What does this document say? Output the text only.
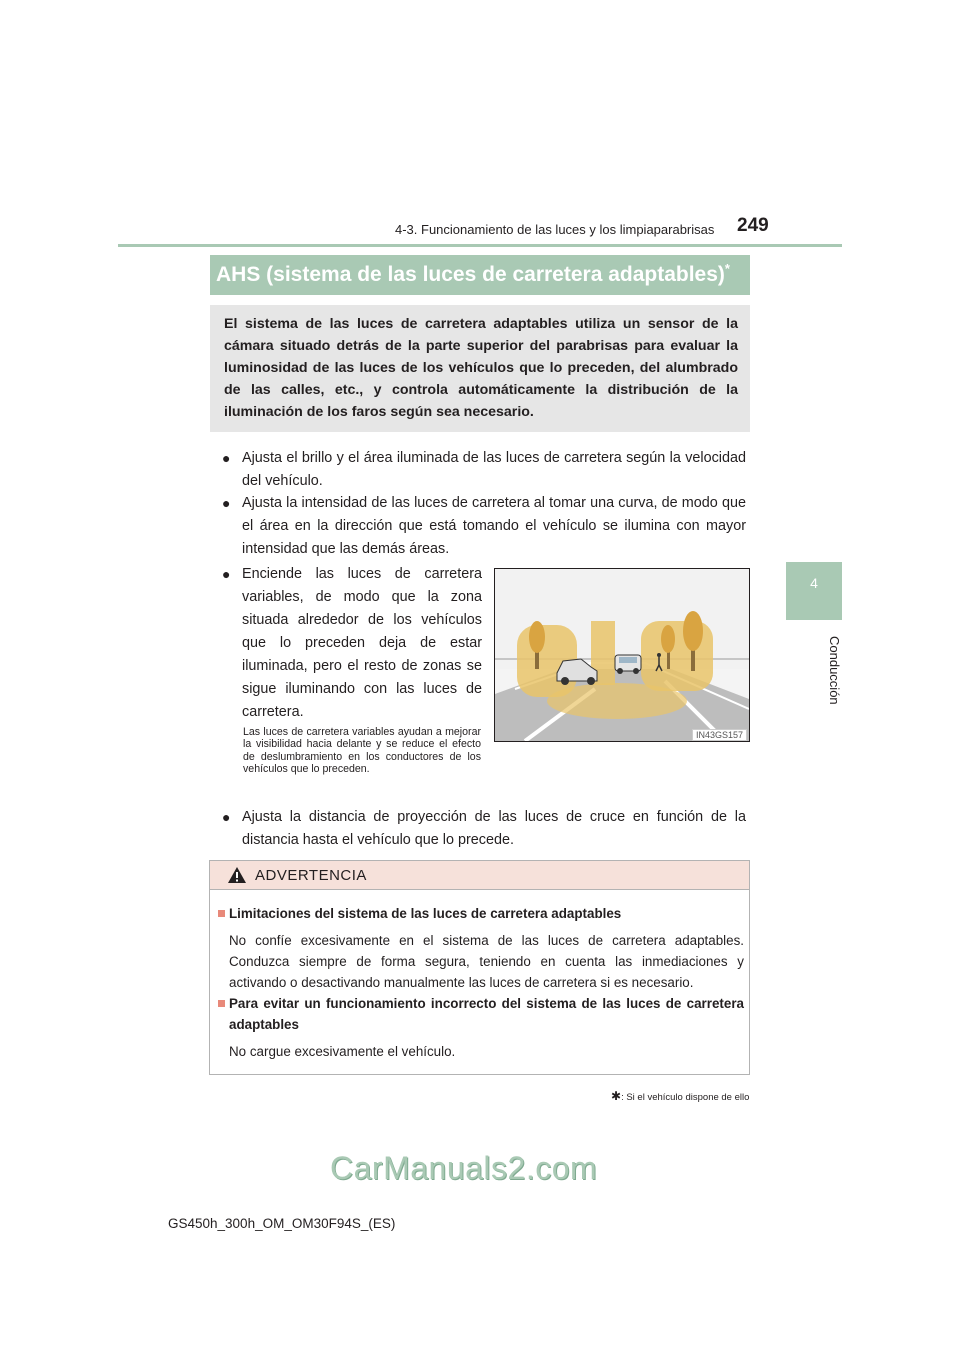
4-3. Funcionamiento de las luces y los limpiaparabrisas 249
4
Conducción
AHS (sistema de las luces de carretera adaptables)*
El sistema de las luces de carretera adaptables utiliza un sensor de la cámara situado detrás de la parte superior del parabrisas para evaluar la luminosidad de las luces de los vehículos que lo preceden, del alumbrado de las calles, etc., y controla automáticamente la distribución de la iluminación de los faros según sea necesario.
● Ajusta el brillo y el área iluminada de las luces de carretera según la velocidad del vehículo.
● Ajusta la intensidad de las luces de carretera al tomar una curva, de modo que el área en la dirección que está tomando el vehículo se ilumina con mayor intensidad que las demás áreas.
● Enciende las luces de carretera variables, de modo que la zona situada alrededor de los vehículos que lo preceden deja de estar iluminada, pero el resto de zonas se sigue iluminando con las luces de carretera.
Las luces de carretera variables ayudan a mejorar la visibilidad hacia delante y se reduce el efecto de deslumbramiento en los conductores de los vehículos que lo preceden.
IN43GS157
● Ajusta la distancia de proyección de las luces de cruce en función de la distancia hasta el vehículo que lo precede.
ADVERTENCIA
Limitaciones del sistema de las luces de carretera adaptables
No confíe excesivamente en el sistema de las luces de carretera adaptables. Conduzca siempre de forma segura, teniendo en cuenta las inmediaciones y activando o desactivando manualmente las luces de carretera si es necesario.
Para evitar un funcionamiento incorrecto del sistema de las luces de carretera adaptables
No cargue excesivamente el vehículo.
✱: Si el vehículo dispone de ello
CarManuals2.com
GS450h_300h_OM_OM30F94S_(ES)
